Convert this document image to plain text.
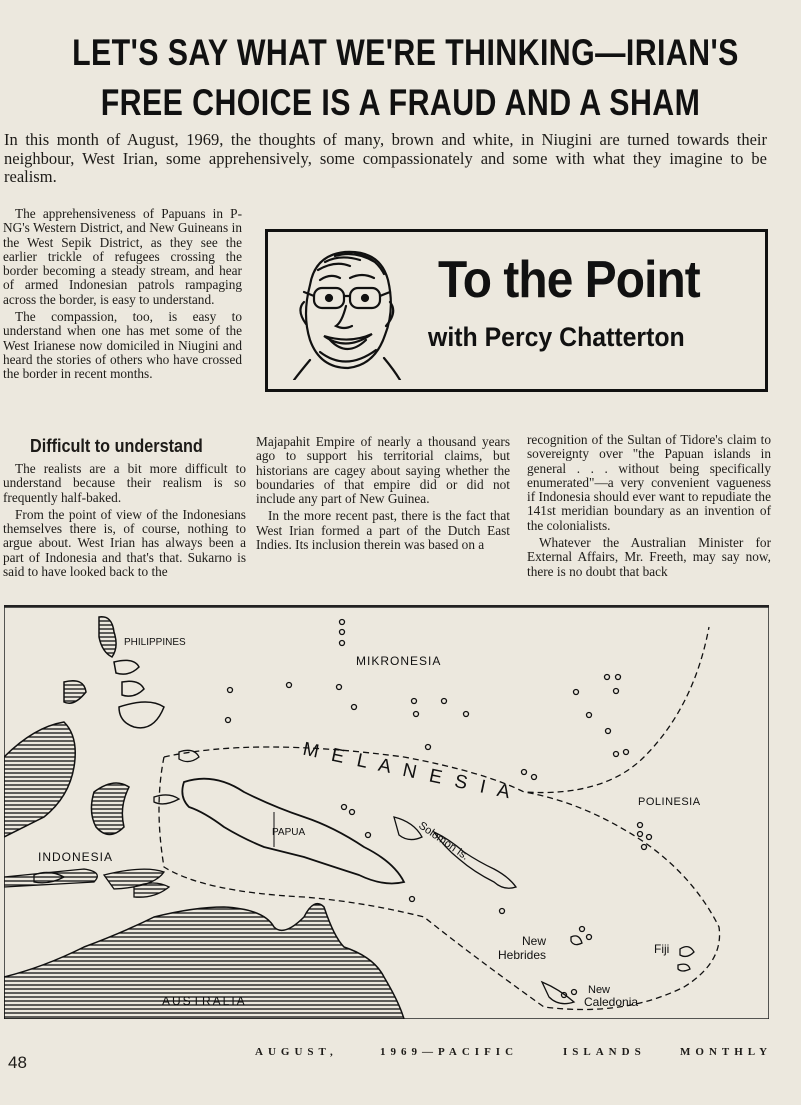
LET'S SAY WHAT WE'RE THINKING—IRIAN'S
FREE CHOICE IS A FRAUD AND A SHAM
In this month of August, 1969, the thoughts of many, brown and white, in Niugini are turned towards their neighbour, West Irian, some apprehensively, some compassionately and some with what they imagine to be realism.

The apprehensiveness of Papuans in P-NG's Western District, and New Guineans in the West Sepik District, as they see the earlier trickle of refugees crossing the border becoming a steady stream, and hear of armed Indonesian patrols rampaging across the border, is easy to understand.

The compassion, too, is easy to understand when one has met some of the West Irianese now domiciled in Niugini and heard the stories of others who have crossed the border in recent months.

To the Point
with Percy Chatterton
Difficult to understand

The realists are a bit more difficult to understand because their realism is so frequently half-baked.

From the point of view of the Indonesians themselves there is, of course, nothing to argue about. West Irian has always been a part of Indonesia and that's that. Sukarno is said to have looked back to the

Majapahit Empire of nearly a thousand years ago to support his territorial claims, but historians are cagey about saying whether the boundaries of that empire did or did not include any part of New Guinea.

In the more recent past, there is the fact that West Irian formed a part of the Dutch East Indies. Its inclusion therein was based on a

recognition of the Sultan of Tidore's claim to sovereignty over "the Papuan islands in general . . . without being specifically enumerated"—a very convenient vagueness if Indonesia should ever want to repudiate the 141st meridian boundary as an invention of the colonialists.

Whatever the Australian Minister for External Affairs, Mr. Freeth, may say now, there is no doubt that back

PHILIPPINES
MIKRONESIA
M E L A N E S I A	POLINESIA
PAPUA
INDONESIA
AUSTRALIA
Solomon Is.
New
Hebrides	Fiji
New
Caledonia
48
AUGUST,	1969—PACIFIC	ISLANDS	MONTHLY
